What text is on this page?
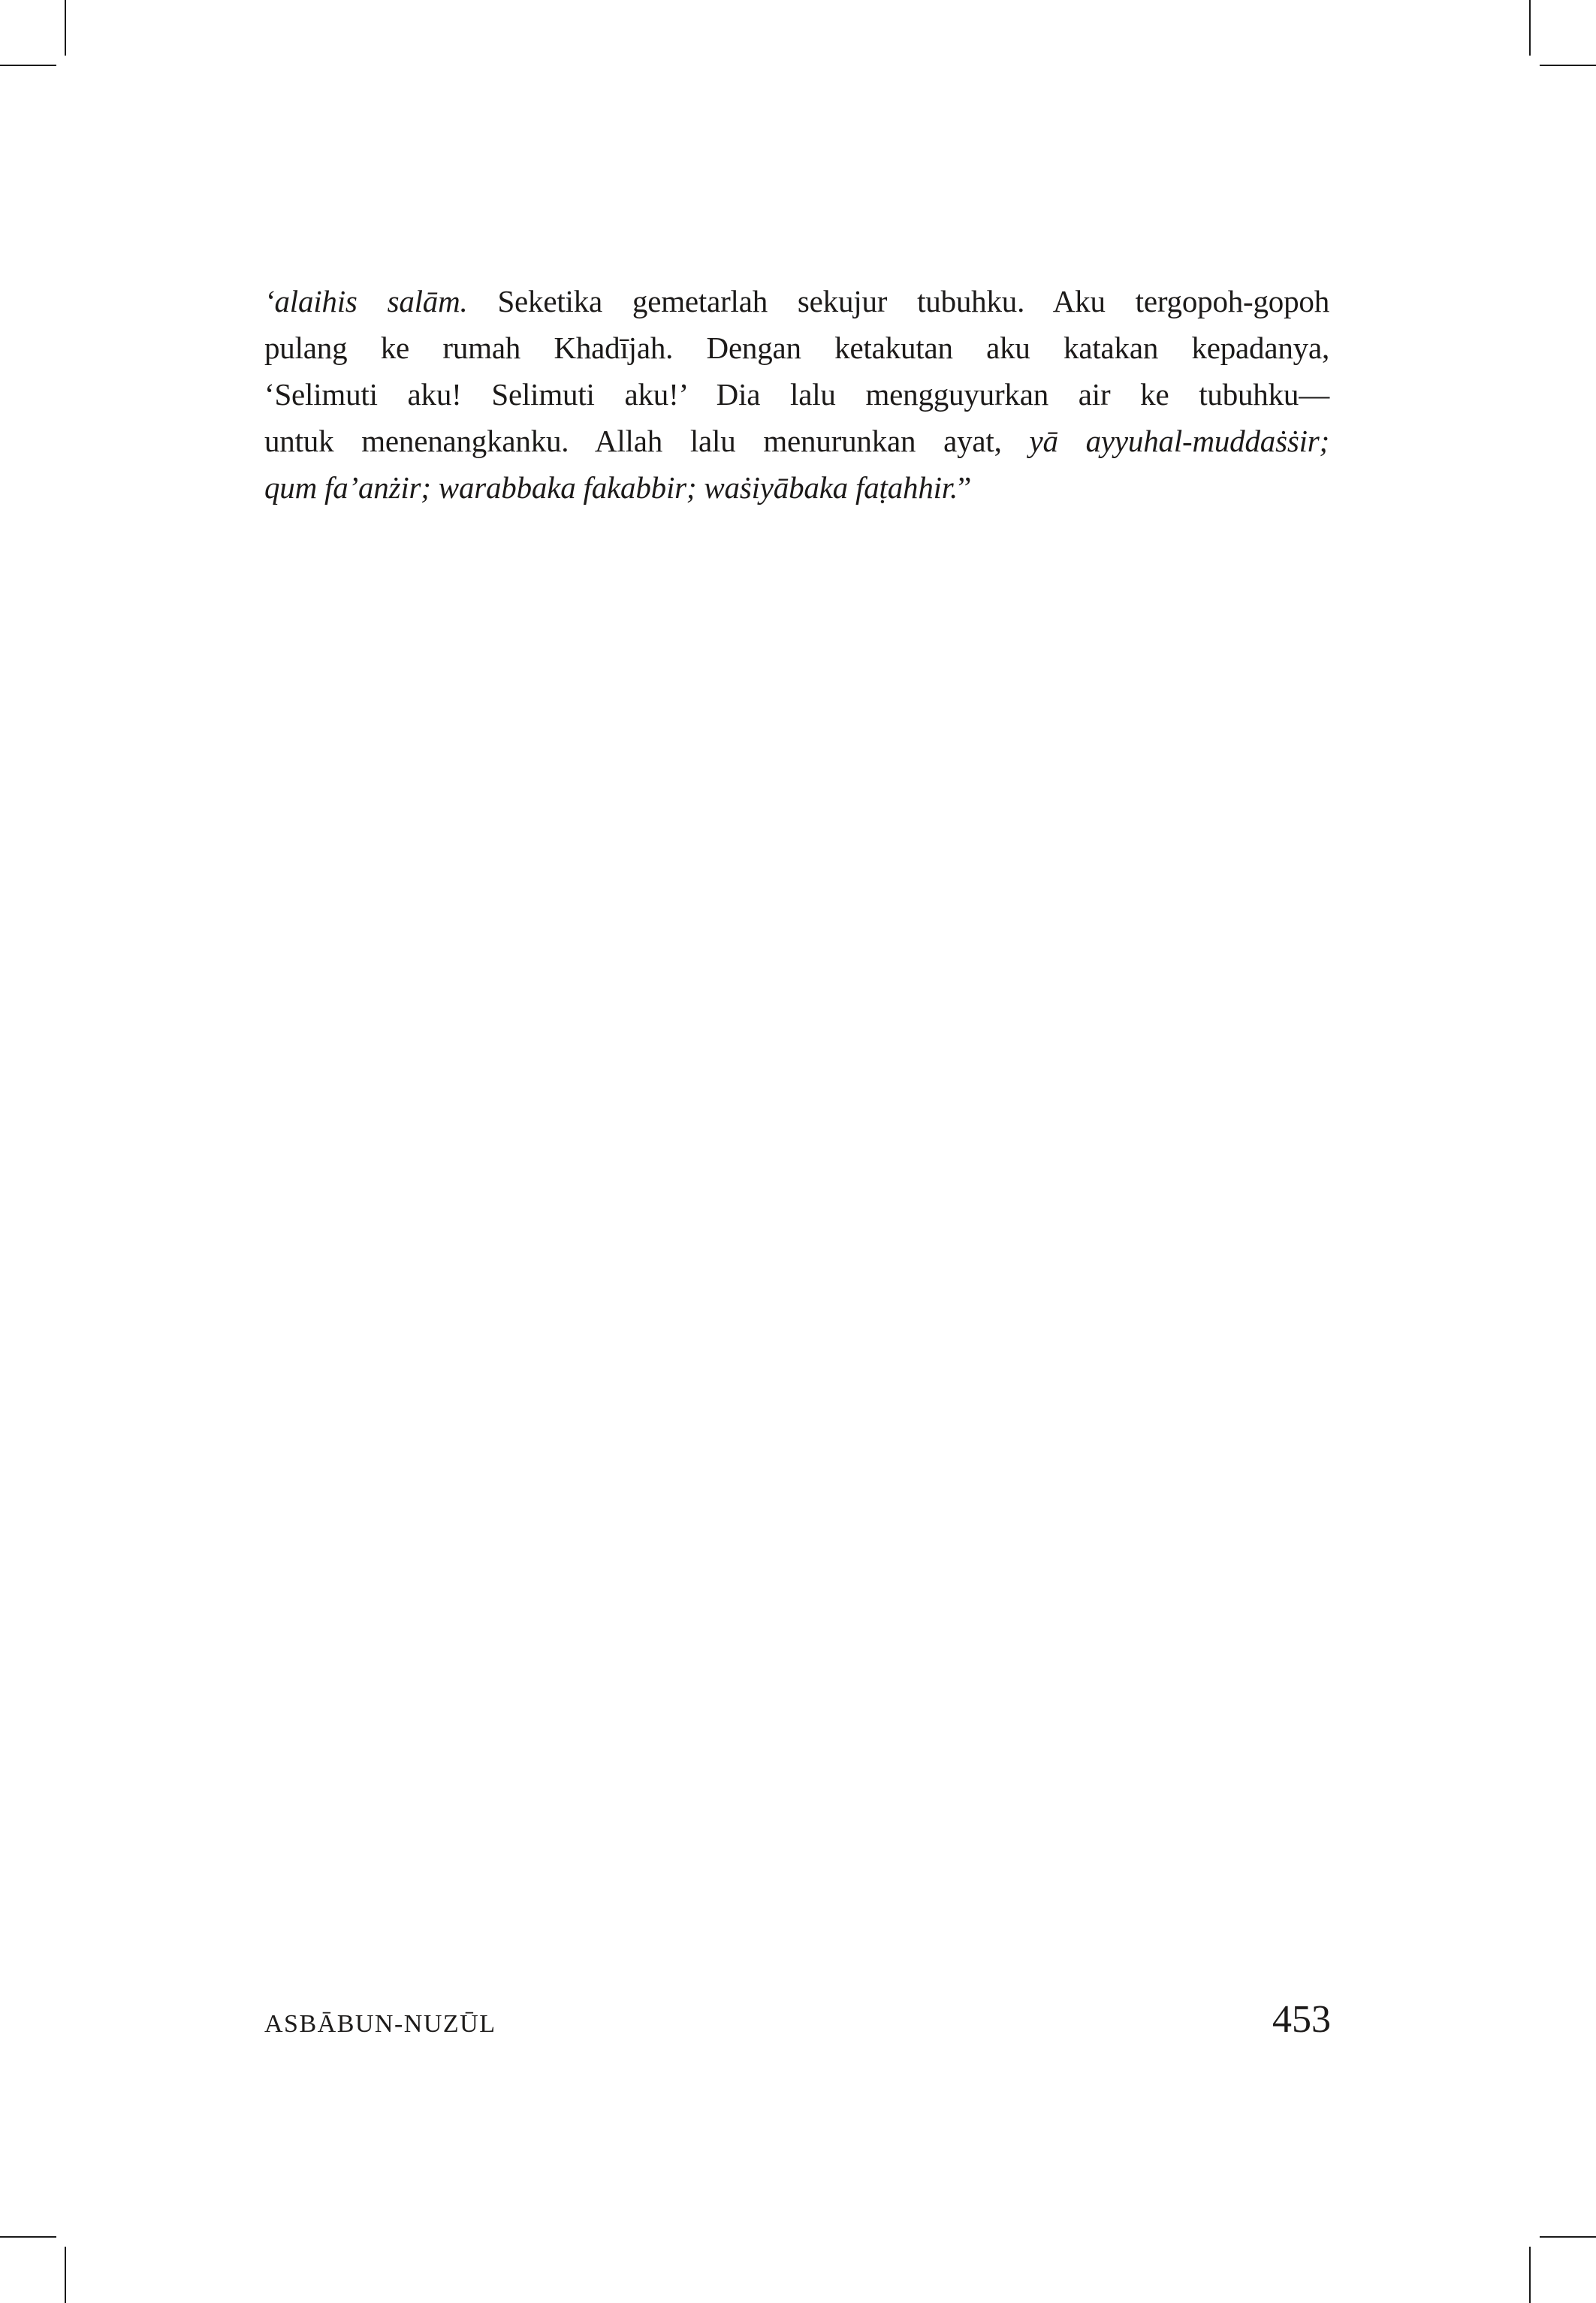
‘alaihis salām. Seketika gemetarlah sekujur tubuhku. Aku tergopoh-gopoh
pulang ke rumah Khadījah. Dengan ketakutan aku katakan kepadanya,
‘Selimuti aku! Selimuti aku!’ Dia lalu mengguyurkan air ke tubuhku—
untuk menenangkanku. Allah lalu menurunkan ayat, yā ayyuhal-muddaṡṡir;
qum fa’anżir; warabbaka fakabbir; waṡiyābaka faṭahhir.”
ASBĀBUN-NUZŪL	453
